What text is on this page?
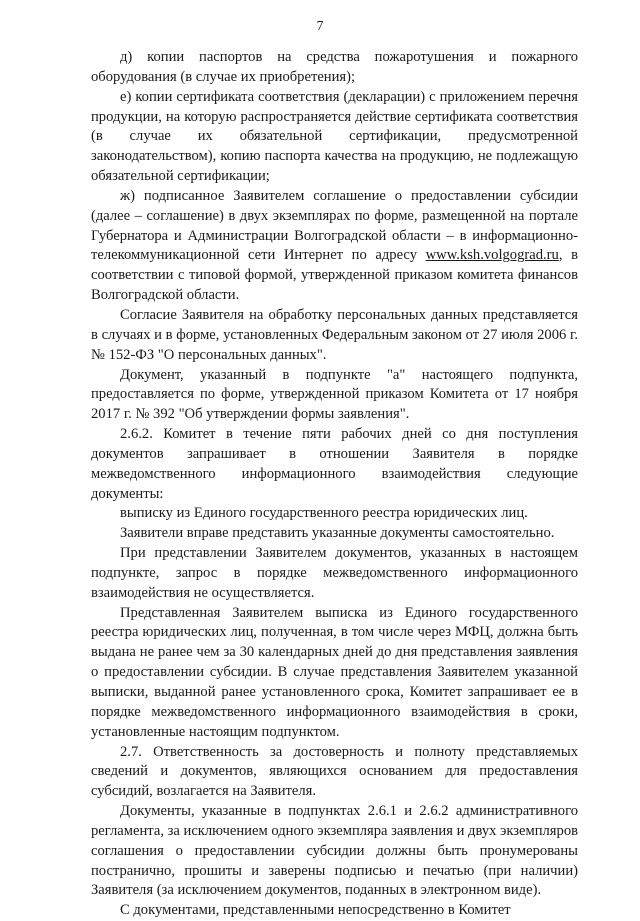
7

д) копии паспортов на средства пожаротушения и пожарного оборудования (в случае их приобретения);

е) копии сертификата соответствия (декларации) с приложением перечня продукции, на которую распространяется действие сертификата соответствия (в случае их обязательной сертификации, предусмотренной законодательством), копию паспорта качества на продукцию, не подлежащую обязательной сертификации;

ж) подписанное Заявителем соглашение о предоставлении субсидии (далее – соглашение) в двух экземплярах по форме, размещенной на портале Губернатора и Администрации Волгоградской области – в информационно-телекоммуникационной сети Интернет по адресу www.ksh.volgograd.ru, в соответствии с типовой формой, утвержденной приказом комитета финансов Волгоградской области.

Согласие Заявителя на обработку персональных данных представляется в случаях и в форме, установленных Федеральным законом от 27 июля 2006 г. № 152-ФЗ "О персональных данных".

Документ, указанный в подпункте "а" настоящего подпункта, предоставляется по форме, утвержденной приказом Комитета от 17 ноября 2017 г. № 392 "Об утверждении формы заявления".

2.6.2. Комитет в течение пяти рабочих дней со дня поступления документов запрашивает в отношении Заявителя в порядке межведомственного информационного взаимодействия следующие документы:

выписку из Единого государственного реестра юридических лиц.

Заявители вправе представить указанные документы самостоятельно.

При представлении Заявителем документов, указанных в настоящем подпункте, запрос в порядке межведомственного информационного взаимодействия не осуществляется.

Представленная Заявителем выписка из Единого государственного реестра юридических лиц, полученная, в том числе через МФЦ, должна быть выдана не ранее чем за 30 календарных дней до дня представления заявления о предоставлении субсидии. В случае представления Заявителем указанной выписки, выданной ранее установленного срока, Комитет запрашивает ее в порядке межведомственного информационного взаимодействия в сроки, установленные настоящим подпунктом.

2.7. Ответственность за достоверность и полноту представляемых сведений и документов, являющихся основанием для предоставления субсидий, возлагается на Заявителя.

Документы, указанные в подпунктах 2.6.1 и 2.6.2 административного регламента, за исключением одного экземпляра заявления и двух экземпляров соглашения о предоставлении субсидии должны быть пронумерованы постранично, прошиты и заверены подписью и печатью (при наличии) Заявителя (за исключением документов, поданных в электронном виде).

С документами, представленными непосредственно в Комитет
